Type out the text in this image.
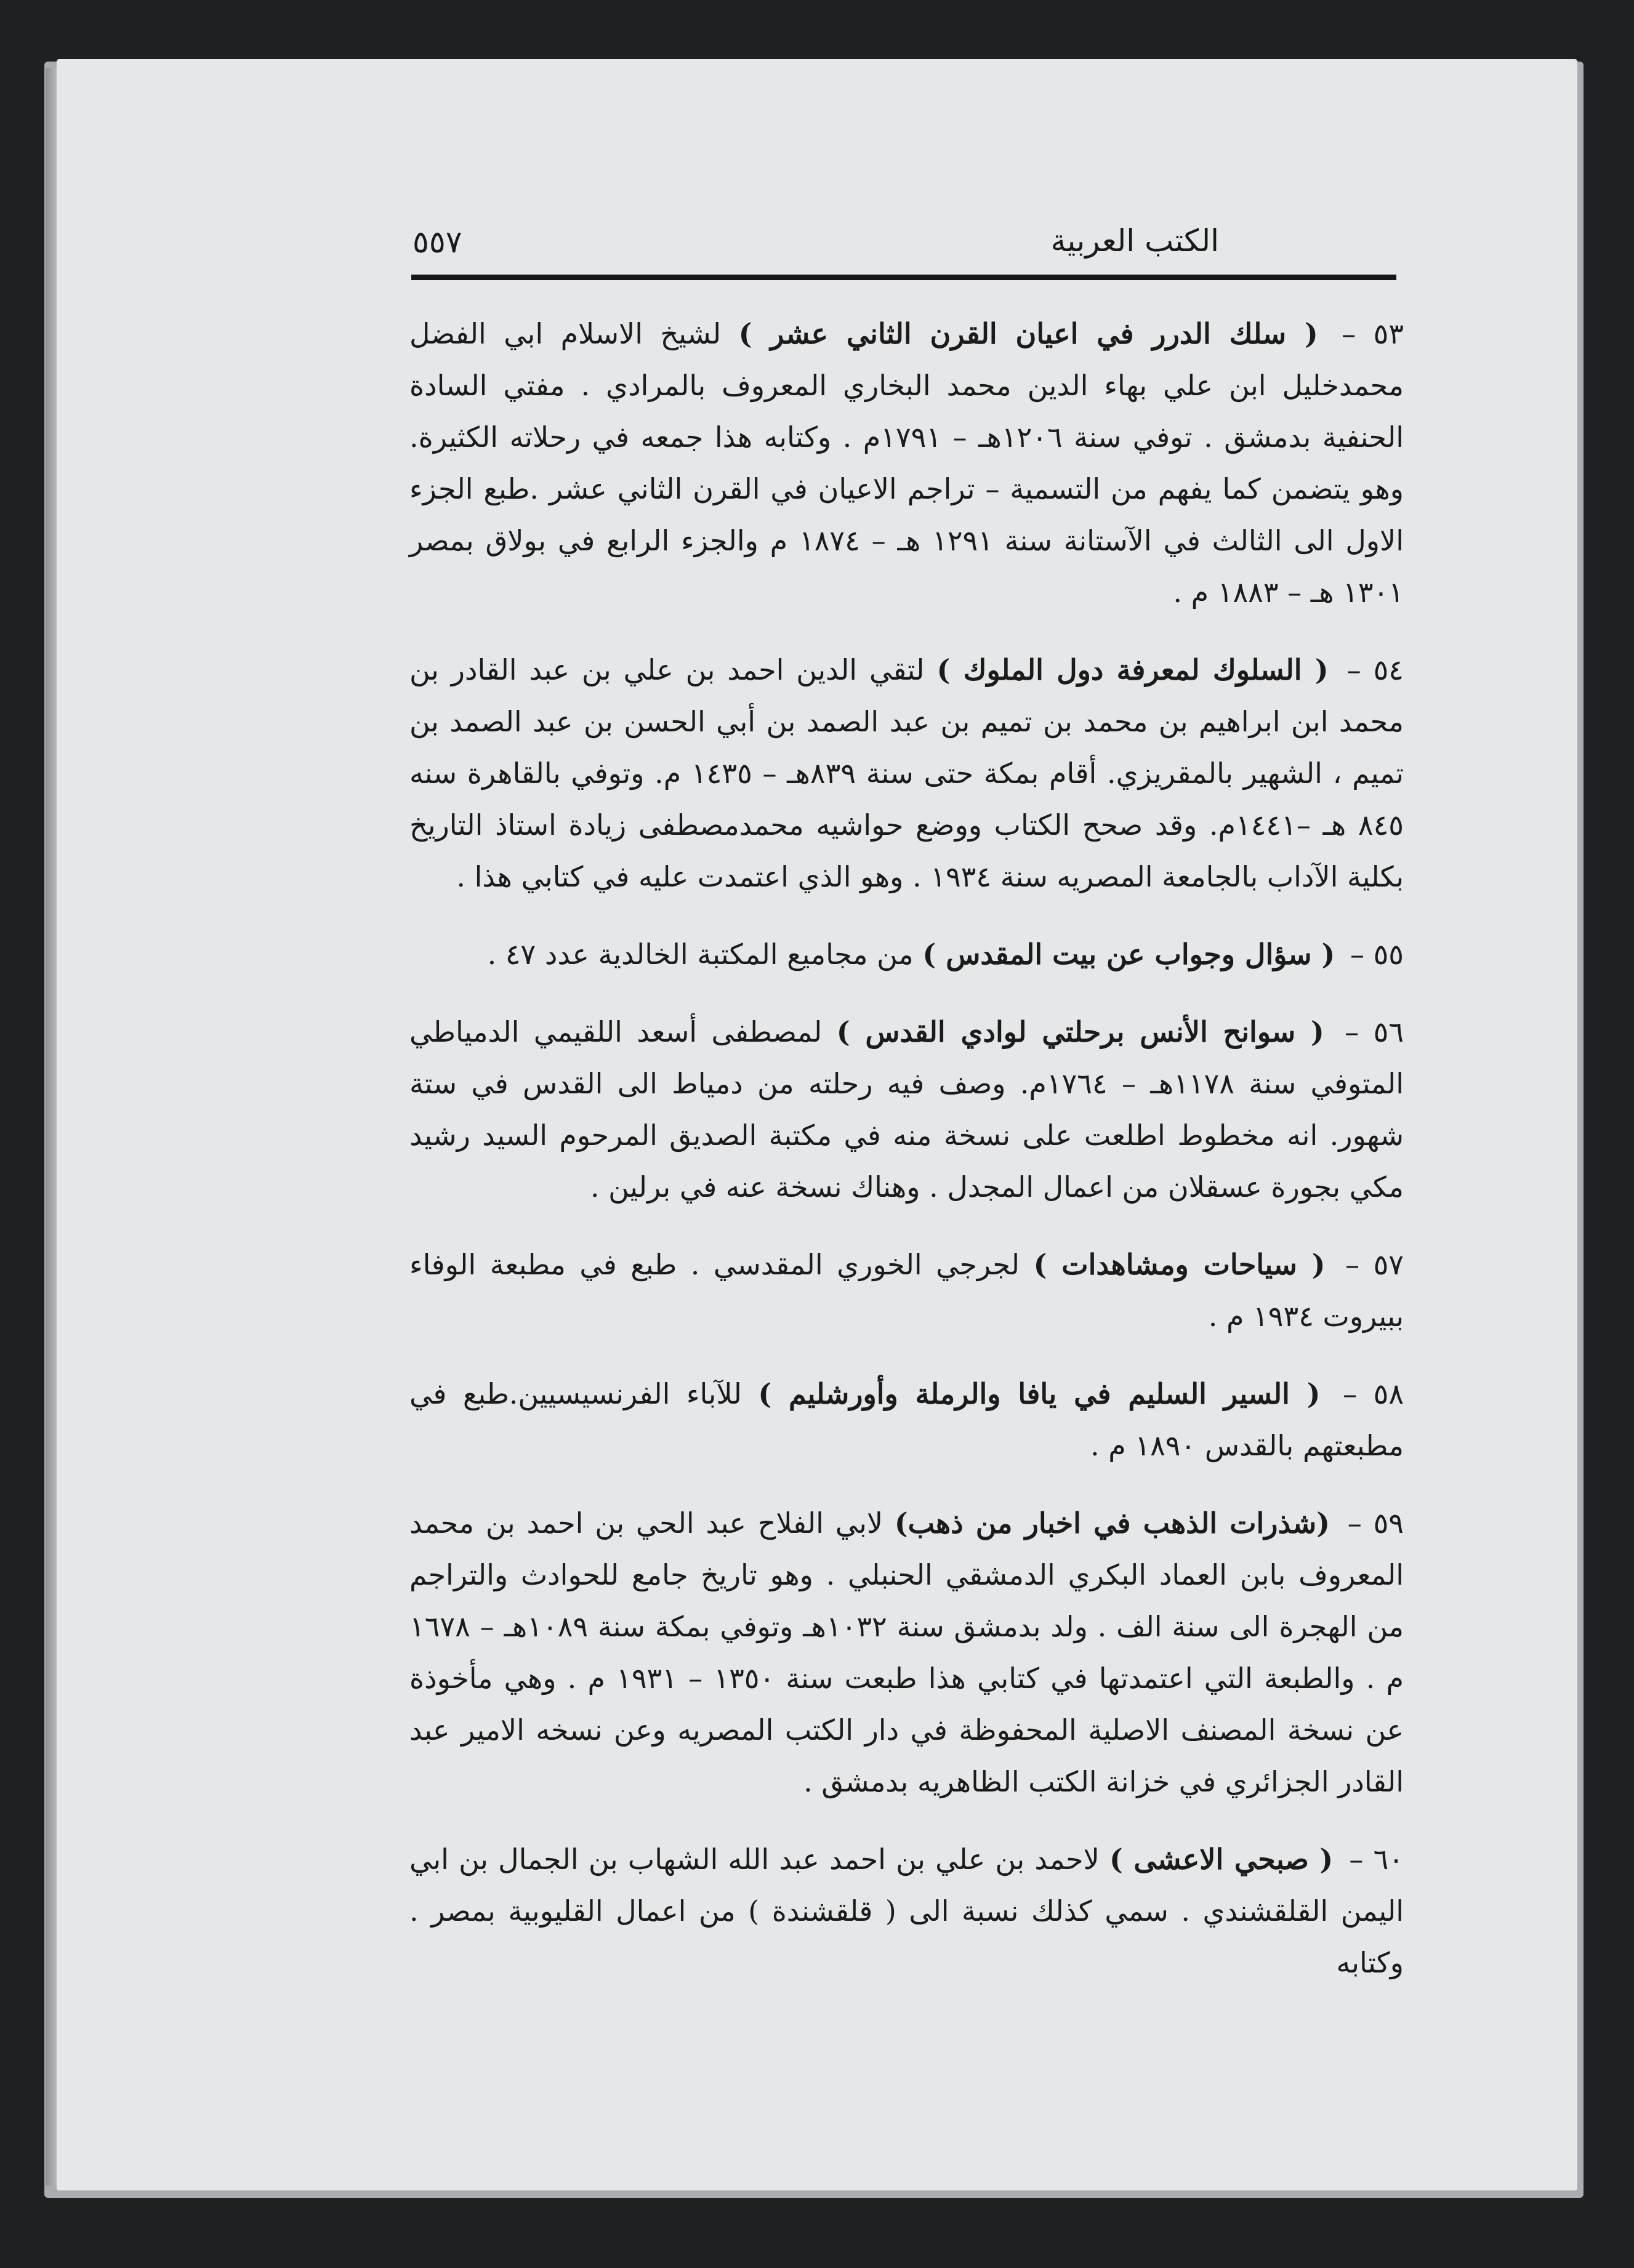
الكتب العربية
٥٥٧

٥٣ – ( سلك الدرر في اعيان القرن الثاني عشر ) لشيخ الاسلام ابي الفضل محمدخليل ابن علي بهاء الدين محمد البخاري المعروف بالمرادي . مفتي السادة الحنفية بدمشق . توفي سنة ١٢٠٦هـ – ١٧٩١م . وكتابه هذا جمعه في رحلاته الكثيرة. وهو يتضمن كما يفهم من التسمية – تراجم الاعيان في القرن الثاني عشر .طبع الجزء الاول الى الثالث في الآستانة سنة ١٢٩١ هـ – ١٨٧٤ م والجزء الرابع في بولاق بمصر ١٣٠١ هـ – ١٨٨٣ م .

٥٤ – ( السلوك لمعرفة دول الملوك ) لتقي الدين احمد بن علي بن عبد القادر بن محمد ابن ابراهيم بن محمد بن تميم بن عبد الصمد بن أبي الحسن بن عبد الصمد بن تميم ، الشهير بالمقريزي. أقام بمكة حتى سنة ٨٣٩هـ – ١٤٣٥ م. وتوفي بالقاهرة سنه ٨٤٥ هـ –١٤٤١م. وقد صحح الكتاب ووضع حواشيه محمدمصطفى زيادة استاذ التاريخ بكلية الآداب بالجامعة المصريه سنة ١٩٣٤ . وهو الذي اعتمدت عليه في كتابي هذا .

٥٥ – ( سؤال وجواب عن بيت المقدس ) من مجاميع المكتبة الخالدية عدد ٤٧ .

٥٦ – ( سوانح الأنس برحلتي لوادي القدس ) لمصطفى أسعد اللقيمي الدمياطي المتوفي سنة ١١٧٨هـ – ١٧٦٤م. وصف فيه رحلته من دمياط الى القدس في ستة شهور. انه مخطوط اطلعت على نسخة منه في مكتبة الصديق المرحوم السيد رشيد مكي بجورة عسقلان من اعمال المجدل . وهناك نسخة عنه في برلين .

٥٧ – ( سياحات ومشاهدات ) لجرجي الخوري المقدسي . طبع في مطبعة الوفاء ببيروت ١٩٣٤ م .

٥٨ – ( السير السليم في يافا والرملة وأورشليم ) للآباء الفرنسيسيين.طبع في مطبعتهم بالقدس ١٨٩٠ م .

٥٩ – (شذرات الذهب في اخبار من ذهب) لابي الفلاح عبد الحي بن احمد بن محمد المعروف بابن العماد البكري الدمشقي الحنبلي . وهو تاريخ جامع للحوادث والتراجم من الهجرة الى سنة الف . ولد بدمشق سنة ١٠٣٢هـ وتوفي بمكة سنة ١٠٨٩هـ – ١٦٧٨ م . والطبعة التي اعتمدتها في كتابي هذا طبعت سنة ١٣٥٠ – ١٩٣١ م . وهي مأخوذة عن نسخة المصنف الاصلية المحفوظة في دار الكتب المصريه وعن نسخه الامير عبد القادر الجزائري في خزانة الكتب الظاهريه بدمشق .

٦٠ – ( صبحي الاعشى ) لاحمد بن علي بن احمد عبد الله الشهاب بن الجمال بن ابي اليمن القلقشندي . سمي كذلك نسبة الى ( قلقشندة ) من اعمال القليوبية بمصر . وكتابه
